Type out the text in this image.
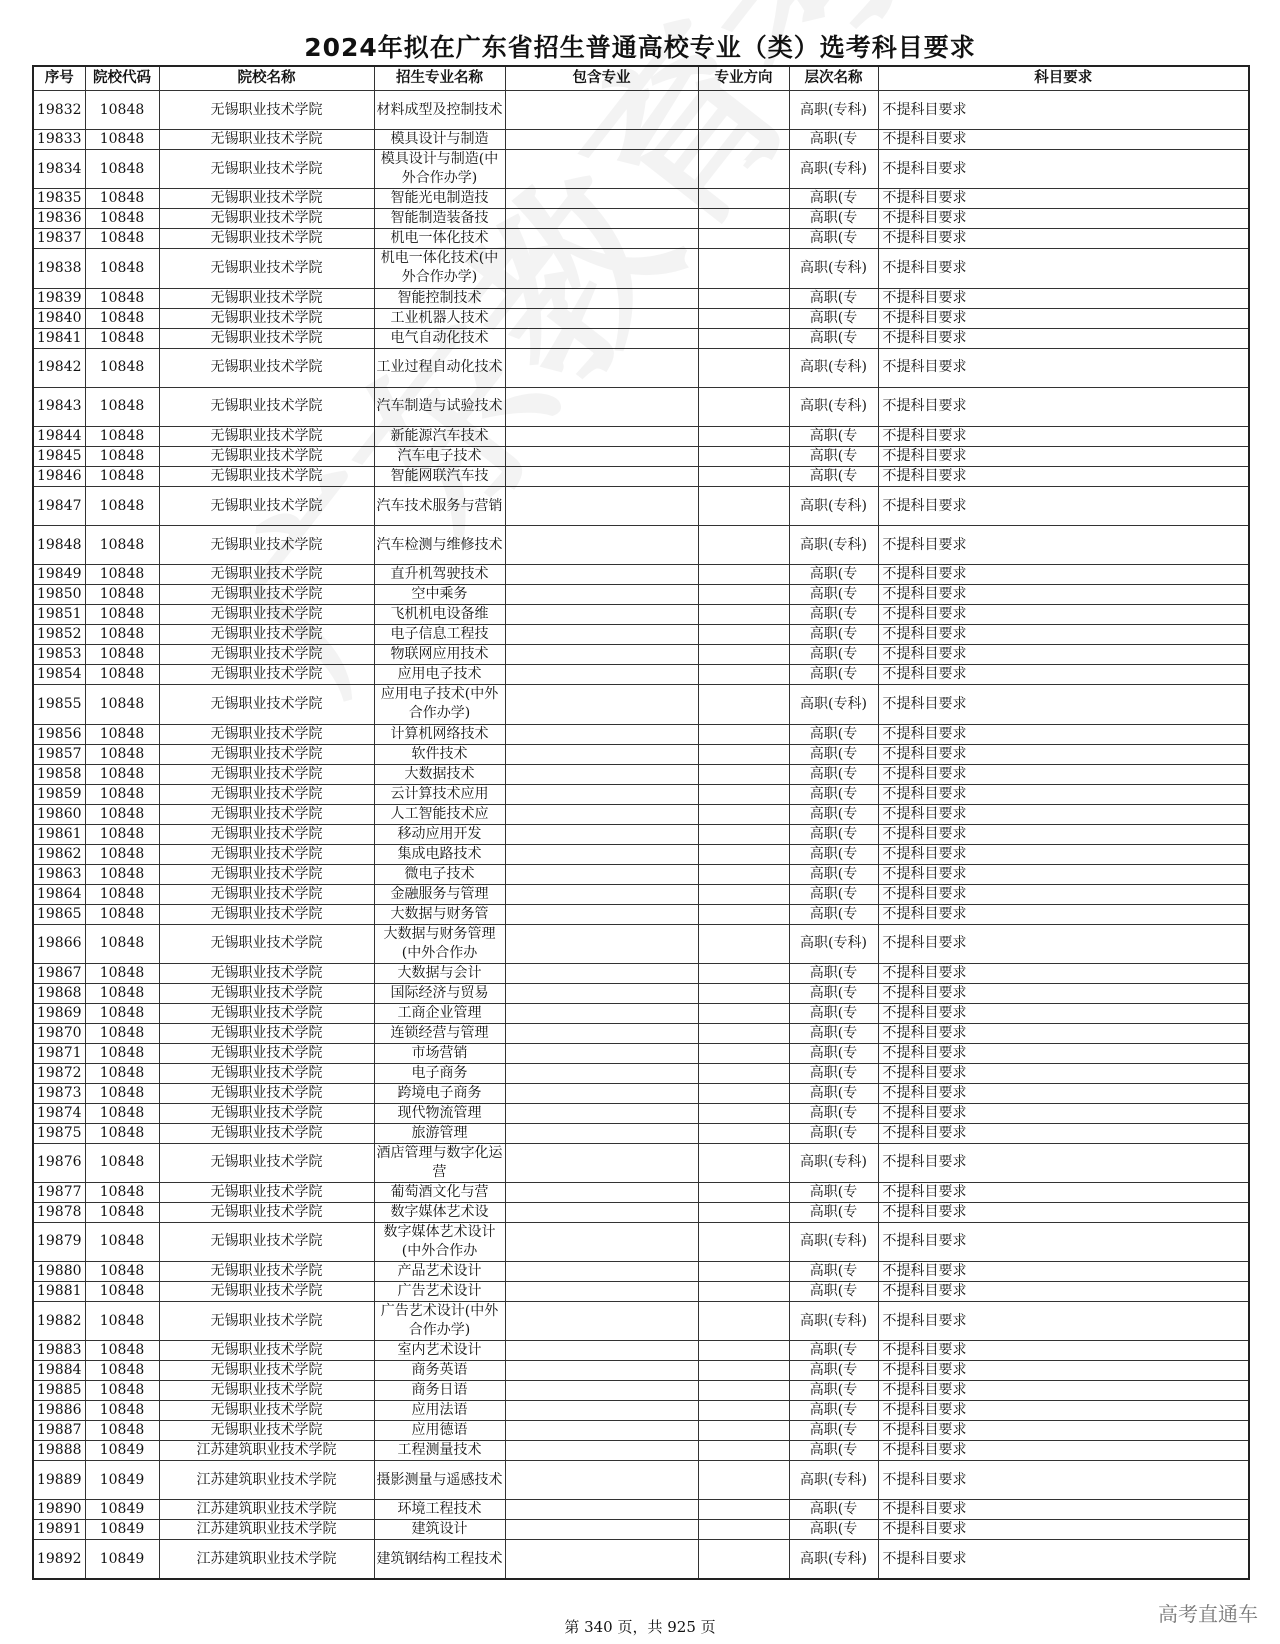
2024年拟在广东省招生普通高校专业（类）选考科目要求
序号	院校代码	院校名称	招生专业名称	包含专业	专业方向	层次名称	科目要求
19832	10848	无锡职业技术学院	材料成型及控制技术			高职(专科)	不提科目要求
19833	10848	无锡职业技术学院	模具设计与制造			高职(专	不提科目要求
19834	10848	无锡职业技术学院	模具设计与制造(中外合作办学)			高职(专科)	不提科目要求
19835	10848	无锡职业技术学院	智能光电制造技			高职(专	不提科目要求
19836	10848	无锡职业技术学院	智能制造装备技			高职(专	不提科目要求
19837	10848	无锡职业技术学院	机电一体化技术			高职(专	不提科目要求
19838	10848	无锡职业技术学院	机电一体化技术(中外合作办学)			高职(专科)	不提科目要求
19839	10848	无锡职业技术学院	智能控制技术			高职(专	不提科目要求
19840	10848	无锡职业技术学院	工业机器人技术			高职(专	不提科目要求
19841	10848	无锡职业技术学院	电气自动化技术			高职(专	不提科目要求
19842	10848	无锡职业技术学院	工业过程自动化技术			高职(专科)	不提科目要求
19843	10848	无锡职业技术学院	汽车制造与试验技术			高职(专科)	不提科目要求
19844	10848	无锡职业技术学院	新能源汽车技术			高职(专	不提科目要求
19845	10848	无锡职业技术学院	汽车电子技术			高职(专	不提科目要求
19846	10848	无锡职业技术学院	智能网联汽车技			高职(专	不提科目要求
19847	10848	无锡职业技术学院	汽车技术服务与营销			高职(专科)	不提科目要求
19848	10848	无锡职业技术学院	汽车检测与维修技术			高职(专科)	不提科目要求
19849	10848	无锡职业技术学院	直升机驾驶技术			高职(专	不提科目要求
19850	10848	无锡职业技术学院	空中乘务			高职(专	不提科目要求
19851	10848	无锡职业技术学院	飞机机电设备维			高职(专	不提科目要求
19852	10848	无锡职业技术学院	电子信息工程技			高职(专	不提科目要求
19853	10848	无锡职业技术学院	物联网应用技术			高职(专	不提科目要求
19854	10848	无锡职业技术学院	应用电子技术			高职(专	不提科目要求
19855	10848	无锡职业技术学院	应用电子技术(中外合作办学)			高职(专科)	不提科目要求
19856	10848	无锡职业技术学院	计算机网络技术			高职(专	不提科目要求
19857	10848	无锡职业技术学院	软件技术			高职(专	不提科目要求
19858	10848	无锡职业技术学院	大数据技术			高职(专	不提科目要求
19859	10848	无锡职业技术学院	云计算技术应用			高职(专	不提科目要求
19860	10848	无锡职业技术学院	人工智能技术应			高职(专	不提科目要求
19861	10848	无锡职业技术学院	移动应用开发			高职(专	不提科目要求
19862	10848	无锡职业技术学院	集成电路技术			高职(专	不提科目要求
19863	10848	无锡职业技术学院	微电子技术			高职(专	不提科目要求
19864	10848	无锡职业技术学院	金融服务与管理			高职(专	不提科目要求
19865	10848	无锡职业技术学院	大数据与财务管			高职(专	不提科目要求
19866	10848	无锡职业技术学院	大数据与财务管理(中外合作办			高职(专科)	不提科目要求
19867	10848	无锡职业技术学院	大数据与会计			高职(专	不提科目要求
19868	10848	无锡职业技术学院	国际经济与贸易			高职(专	不提科目要求
19869	10848	无锡职业技术学院	工商企业管理			高职(专	不提科目要求
19870	10848	无锡职业技术学院	连锁经营与管理			高职(专	不提科目要求
19871	10848	无锡职业技术学院	市场营销			高职(专	不提科目要求
19872	10848	无锡职业技术学院	电子商务			高职(专	不提科目要求
19873	10848	无锡职业技术学院	跨境电子商务			高职(专	不提科目要求
19874	10848	无锡职业技术学院	现代物流管理			高职(专	不提科目要求
19875	10848	无锡职业技术学院	旅游管理			高职(专	不提科目要求
19876	10848	无锡职业技术学院	酒店管理与数字化运营			高职(专科)	不提科目要求
19877	10848	无锡职业技术学院	葡萄酒文化与营			高职(专	不提科目要求
19878	10848	无锡职业技术学院	数字媒体艺术设			高职(专	不提科目要求
19879	10848	无锡职业技术学院	数字媒体艺术设计(中外合作办			高职(专科)	不提科目要求
19880	10848	无锡职业技术学院	产品艺术设计			高职(专	不提科目要求
19881	10848	无锡职业技术学院	广告艺术设计			高职(专	不提科目要求
19882	10848	无锡职业技术学院	广告艺术设计(中外合作办学)			高职(专科)	不提科目要求
19883	10848	无锡职业技术学院	室内艺术设计			高职(专	不提科目要求
19884	10848	无锡职业技术学院	商务英语			高职(专	不提科目要求
19885	10848	无锡职业技术学院	商务日语			高职(专	不提科目要求
19886	10848	无锡职业技术学院	应用法语			高职(专	不提科目要求
19887	10848	无锡职业技术学院	应用德语			高职(专	不提科目要求
19888	10849	江苏建筑职业技术学院	工程测量技术			高职(专	不提科目要求
19889	10849	江苏建筑职业技术学院	摄影测量与遥感技术			高职(专科)	不提科目要求
19890	10849	江苏建筑职业技术学院	环境工程技术			高职(专	不提科目要求
19891	10849	江苏建筑职业技术学院	建筑设计			高职(专	不提科目要求
19892	10849	江苏建筑职业技术学院	建筑钢结构工程技术			高职(专科)	不提科目要求
第 340 页，共 925 页
高考直通车
